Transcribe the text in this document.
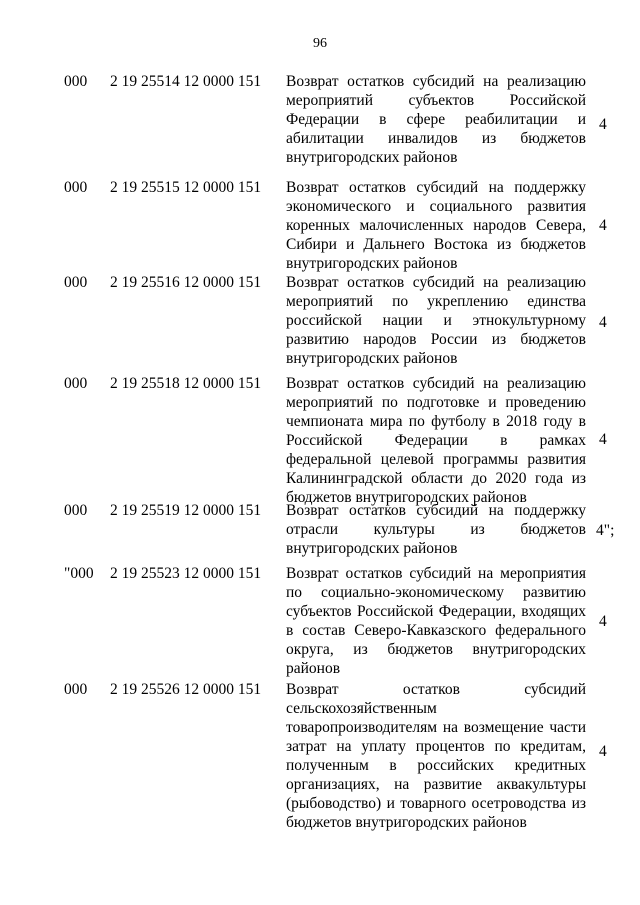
96
000 2 19 25514 12 0000 151 Возврат остатков субсидий на реализацию мероприятий субъектов Российской Федерации в сфере реабилитации и абилитации инвалидов из бюджетов внутригородских районов
4
000 2 19 25515 12 0000 151 Возврат остатков субсидий на поддержку экономического и социального развития коренных малочисленных народов Севера, Сибири и Дальнего Востока из бюджетов внутригородских районов
4
000 2 19 25516 12 0000 151 Возврат остатков субсидий на реализацию мероприятий по укреплению единства российской нации и этнокультурному развитию народов России из бюджетов внутригородских районов
4
000 2 19 25518 12 0000 151 Возврат остатков субсидий на реализацию мероприятий по подготовке и проведению чемпионата мира по футболу в 2018 году в Российской Федерации в рамках федеральной целевой программы развития Калининградской области до 2020 года из бюджетов внутригородских районов
4
000 2 19 25519 12 0000 151 Возврат остатков субсидий на поддержку отрасли культуры из бюджетов внутригородских районов
4";
"000 2 19 25523 12 0000 151 Возврат остатков субсидий на мероприятия по социально-экономическому развитию субъектов Российской Федерации, входящих в состав Северо-Кавказского федерального округа, из бюджетов внутригородских районов
4
000 2 19 25526 12 0000 151 Возврат остатков субсидий сельскохозяйственным товаропроизводителям на возмещение части затрат на уплату процентов по кредитам, полученным в российских кредитных организациях, на развитие аквакультуры (рыбоводство) и товарного осетроводства из бюджетов внутригородских районов
4
